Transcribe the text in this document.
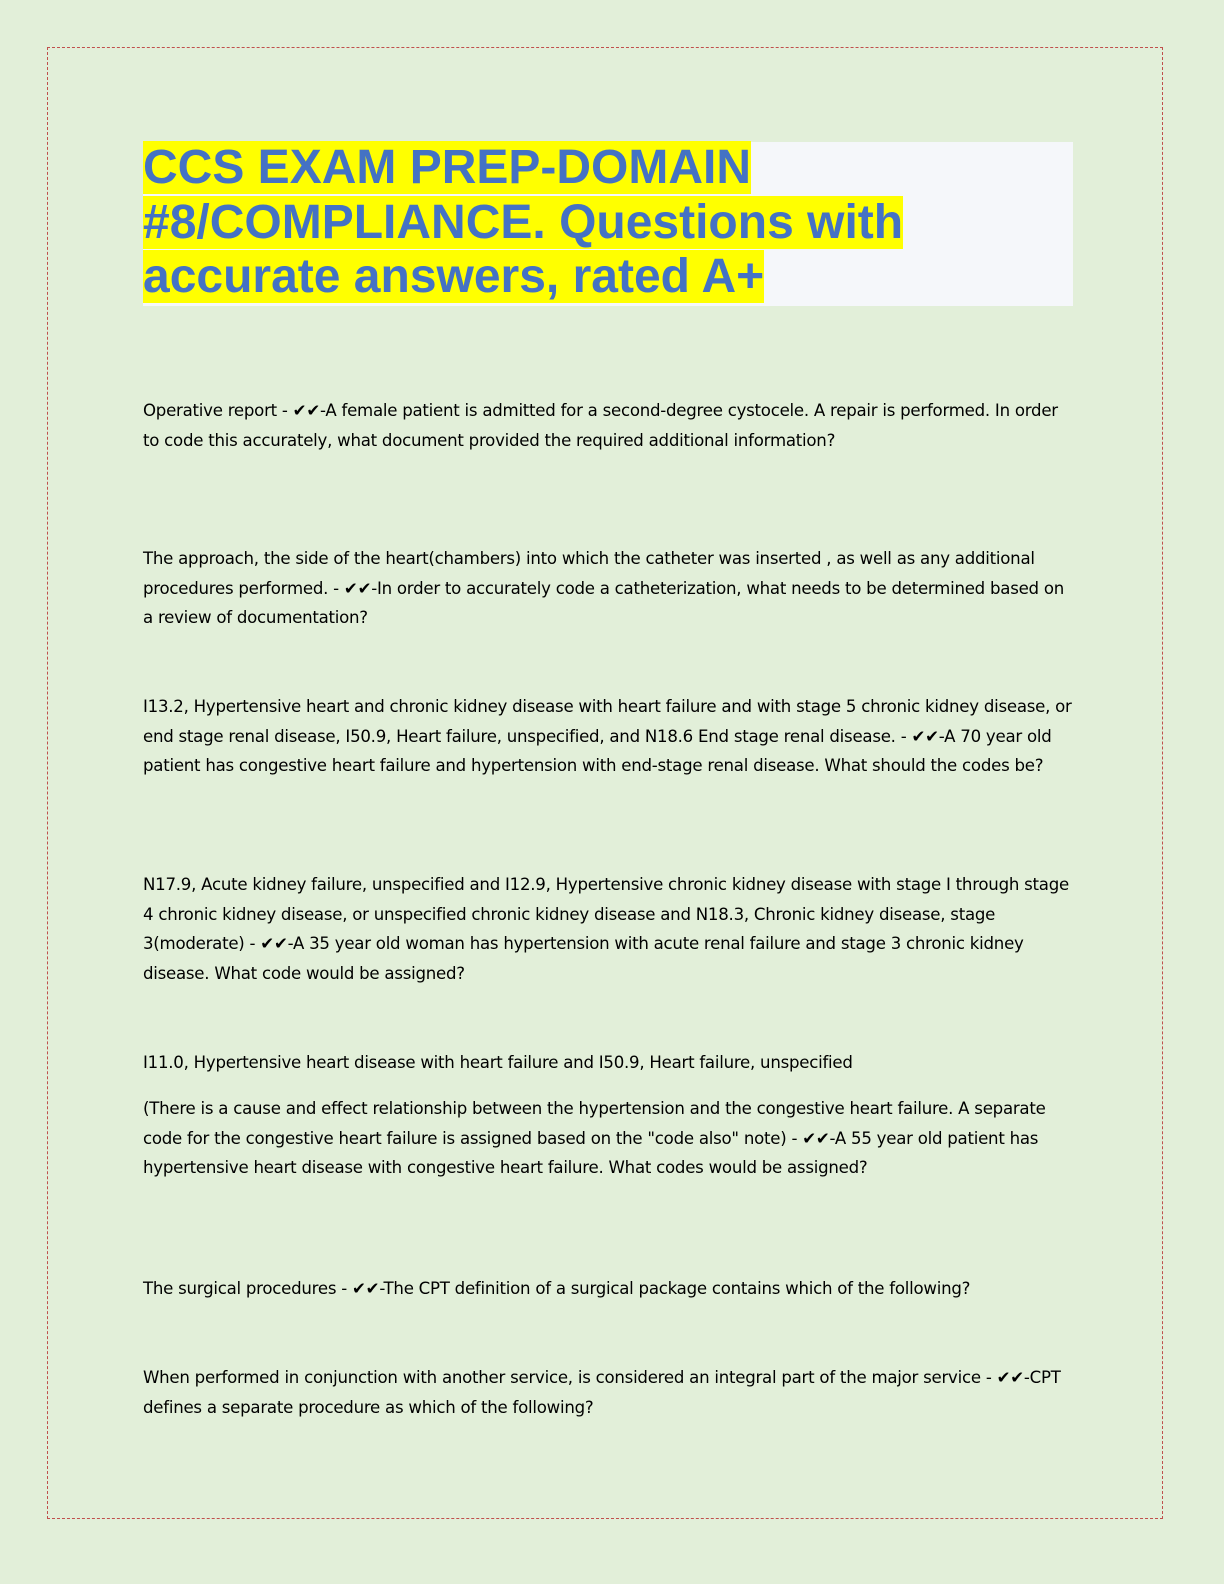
CCS EXAM PREP-DOMAIN
#8/COMPLIANCE. Questions with
accurate answers, rated A+

Operative report - ✔✔-A female patient is admitted for a second-degree cystocele. A repair is performed. In order to code this accurately, what document provided the required additional information?

The approach, the side of the heart(chambers) into which the catheter was inserted , as well as any additional procedures performed. - ✔✔-In order to accurately code a catheterization, what needs to be determined based on a review of documentation?

I13.2, Hypertensive heart and chronic kidney disease with heart failure and with stage 5 chronic kidney disease, or end stage renal disease, I50.9, Heart failure, unspecified, and N18.6 End stage renal disease. - ✔✔-A 70 year old patient has congestive heart failure and hypertension with end-stage renal disease. What should the codes be?

N17.9, Acute kidney failure, unspecified and I12.9, Hypertensive chronic kidney disease with stage I through stage 4 chronic kidney disease, or unspecified chronic kidney disease and N18.3, Chronic kidney disease, stage 3(moderate) - ✔✔-A 35 year old woman has hypertension with acute renal failure and stage 3 chronic kidney disease. What code would be assigned?

I11.0, Hypertensive heart disease with heart failure and I50.9, Heart failure, unspecified

(There is a cause and effect relationship between the hypertension and the congestive heart failure. A separate code for the congestive heart failure is assigned based on the "code also" note) - ✔✔-A 55 year old patient has hypertensive heart disease with congestive heart failure. What codes would be assigned?

The surgical procedures - ✔✔-The CPT definition of a surgical package contains which of the following?

When performed in conjunction with another service, is considered an integral part of the major service - ✔✔-CPT defines a separate procedure as which of the following?
